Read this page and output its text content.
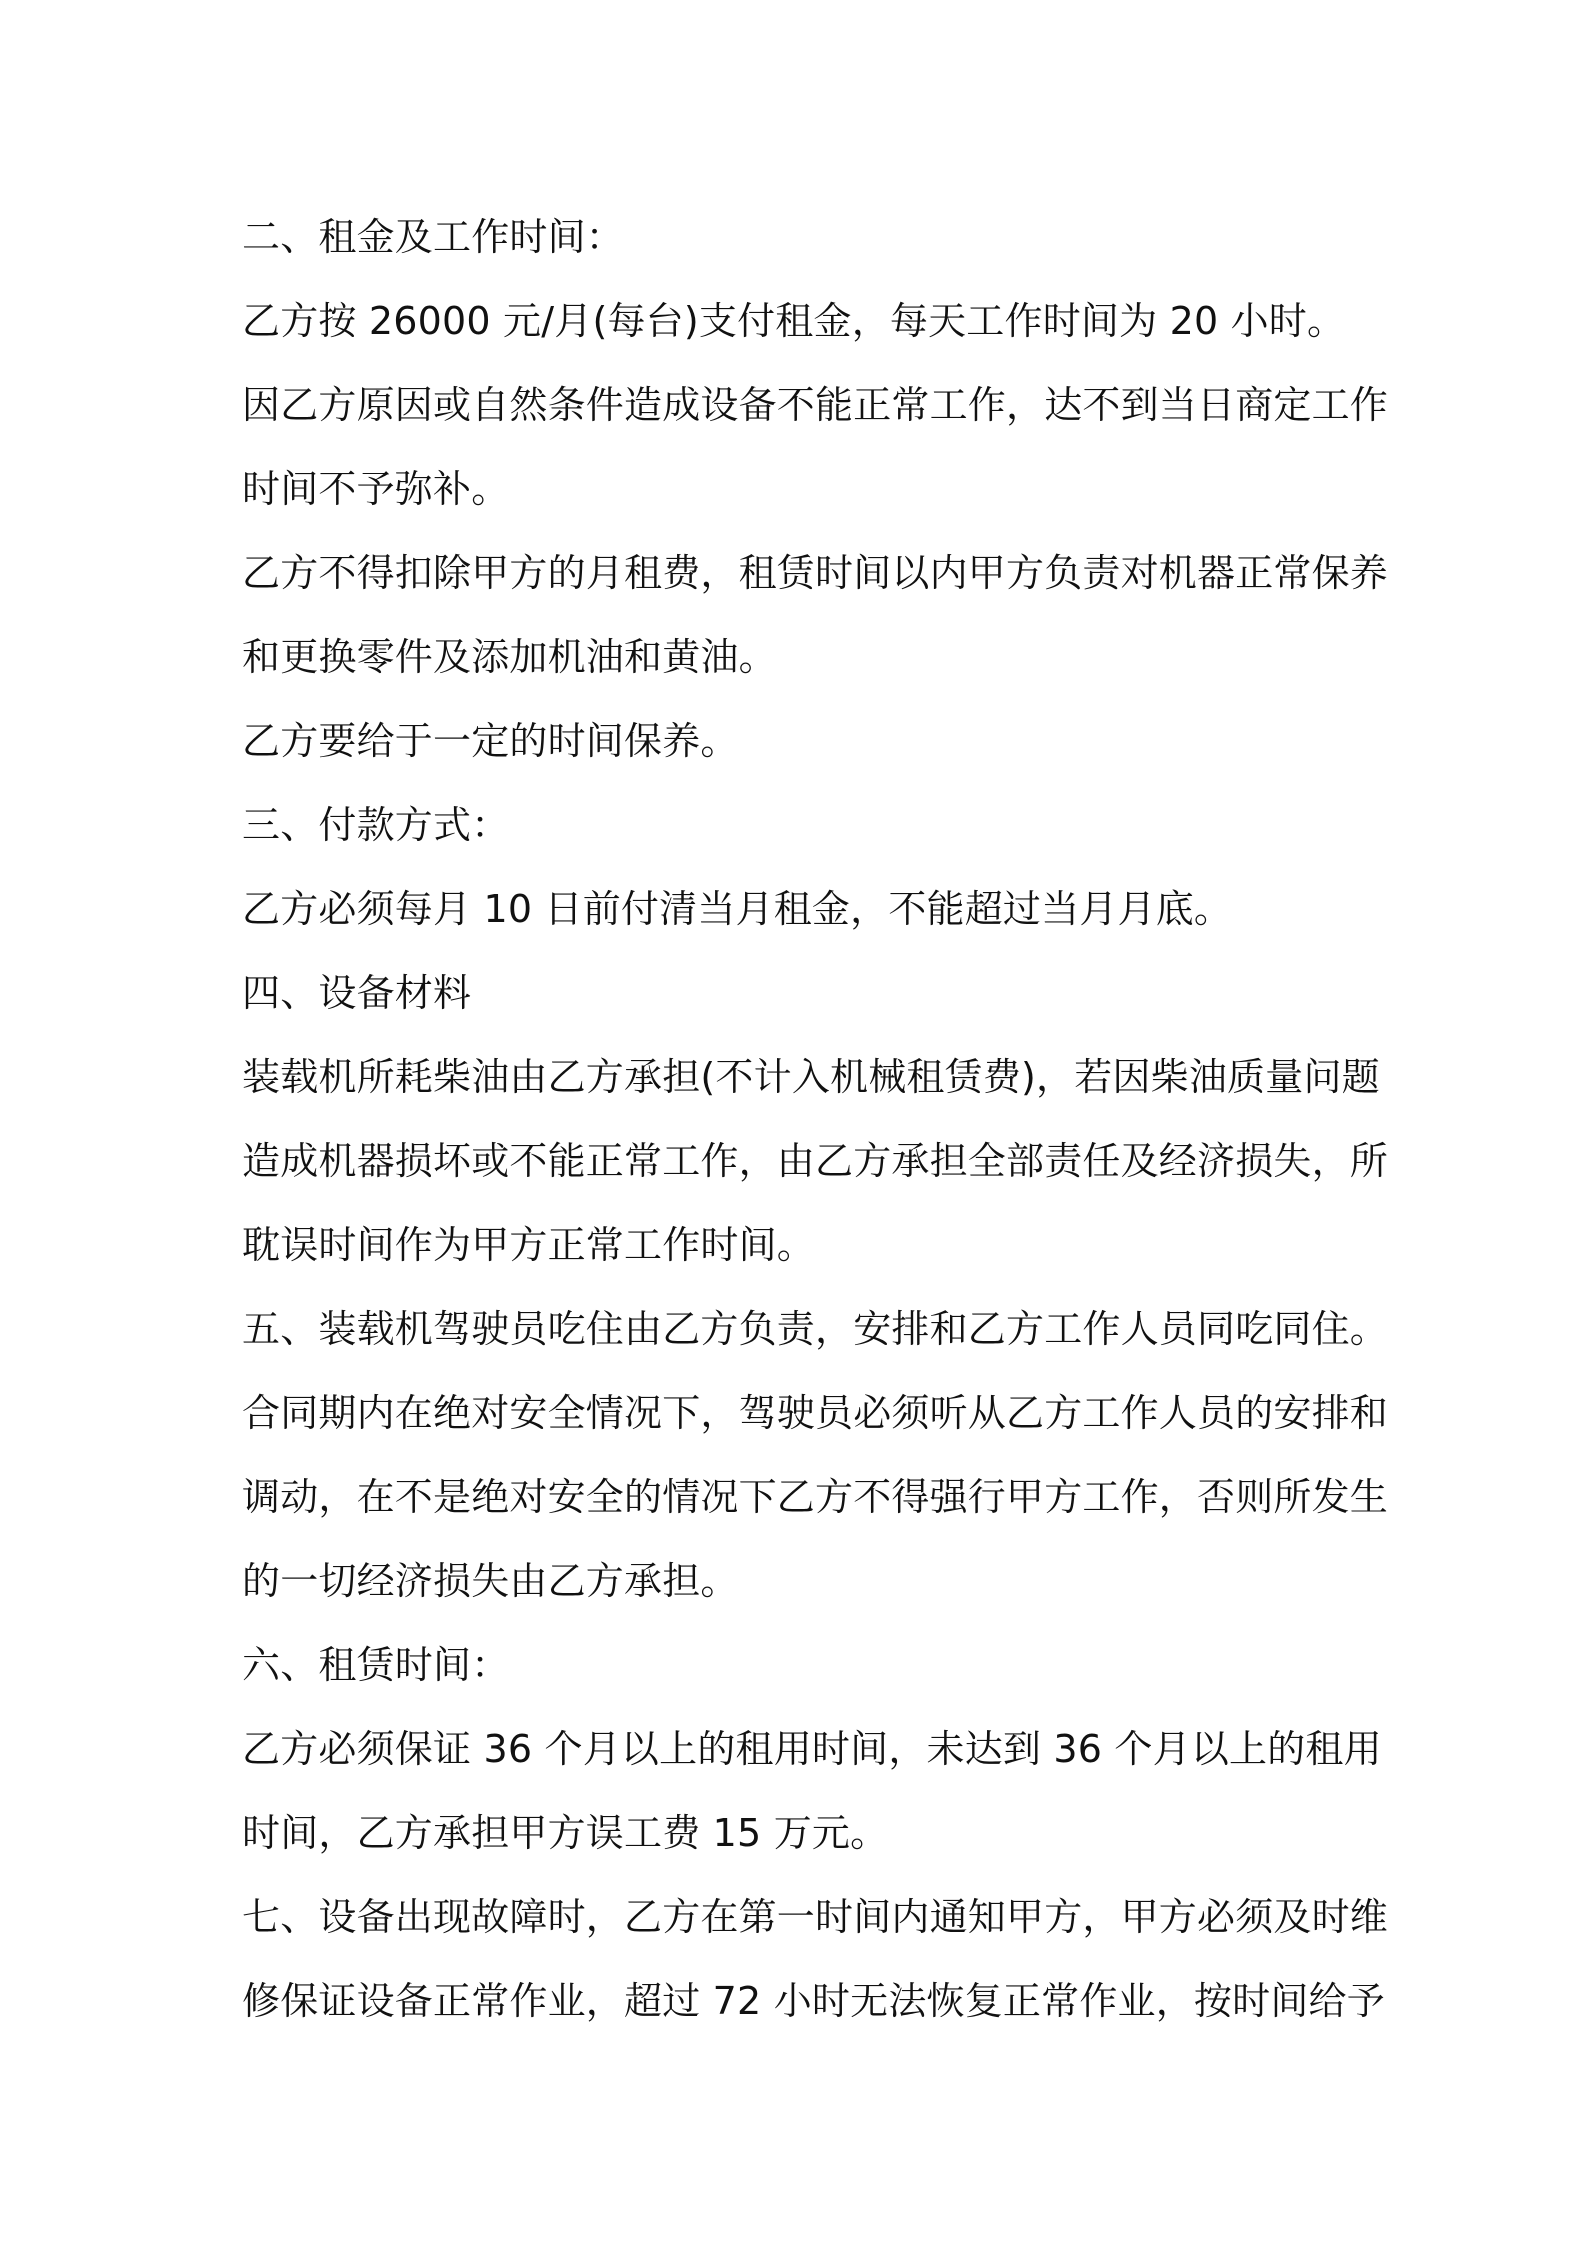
二、租金及工作时间：
乙方按 26000 元/月(每台)支付租金，每天工作时间为 20 小时。
因乙方原因或自然条件造成设备不能正常工作，达不到当日商定工作
时间不予弥补。
乙方不得扣除甲方的月租费，租赁时间以内甲方负责对机器正常保养
和更换零件及添加机油和黄油。
乙方要给于一定的时间保养。
三、付款方式：
乙方必须每月 10 日前付清当月租金，不能超过当月月底。
四、设备材料
装载机所耗柴油由乙方承担(不计入机械租赁费)，若因柴油质量问题
造成机器损坏或不能正常工作，由乙方承担全部责任及经济损失，所
耽误时间作为甲方正常工作时间。
五、装载机驾驶员吃住由乙方负责，安排和乙方工作人员同吃同住。
合同期内在绝对安全情况下，驾驶员必须听从乙方工作人员的安排和
调动，在不是绝对安全的情况下乙方不得强行甲方工作，否则所发生
的一切经济损失由乙方承担。
六、租赁时间：
乙方必须保证 36 个月以上的租用时间，未达到 36 个月以上的租用
时间，乙方承担甲方误工费 15 万元。
七、设备出现故障时，乙方在第一时间内通知甲方，甲方必须及时维
修保证设备正常作业，超过 72 小时无法恢复正常作业，按时间给予
